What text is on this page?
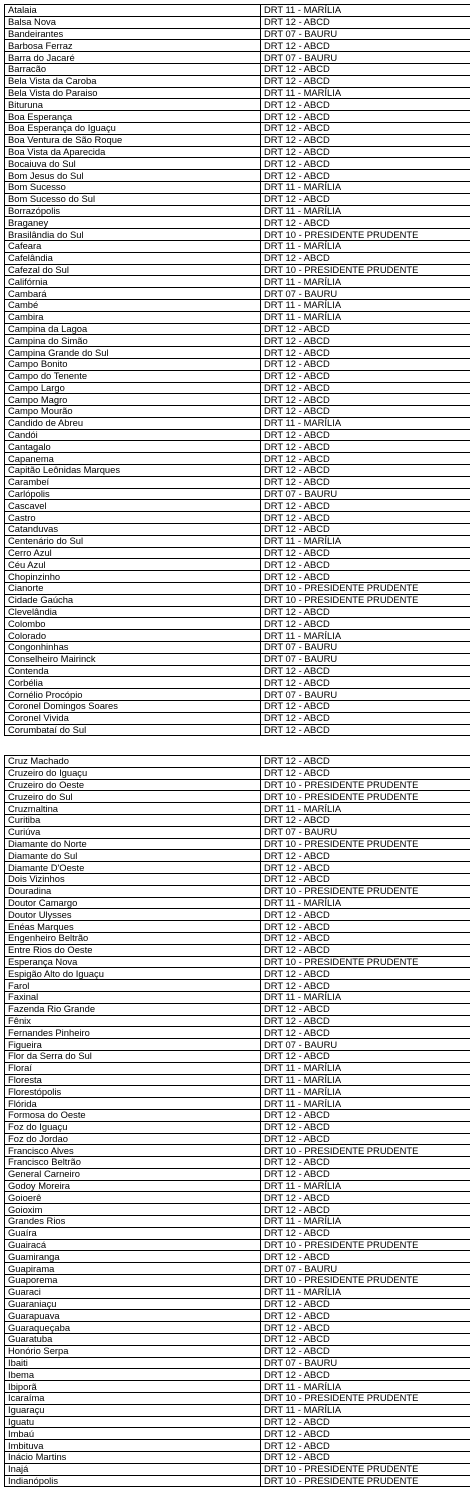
Atalaia	DRT 11 - MARÍLIA
Balsa Nova	DRT 12 - ABCD
Bandeirantes	DRT 07 - BAURU
Barbosa Ferraz	DRT 12 - ABCD
Barra do Jacaré	DRT 07 - BAURU
Barracão	DRT 12 - ABCD
Bela Vista da Caroba	DRT 12 - ABCD
Bela Vista do Paraiso	DRT 11 - MARÍLIA
Bituruna	DRT 12 - ABCD
Boa Esperança	DRT 12 - ABCD
Boa Esperança do Iguaçu	DRT 12 - ABCD
Boa Ventura de São Roque	DRT 12 - ABCD
Boa Vista da Aparecida	DRT 12 - ABCD
Bocaiuva do Sul	DRT 12 - ABCD
Bom Jesus do Sul	DRT 12 - ABCD
Bom Sucesso	DRT 11 - MARÍLIA
Bom Sucesso do Sul	DRT 12 - ABCD
Borrazópolis	DRT 11 - MARÍLIA
Braganey	DRT 12 - ABCD
Brasilândia do Sul	DRT 10 - PRESIDENTE PRUDENTE
Cafeara	DRT 11 - MARÍLIA
Cafelândia	DRT 12 - ABCD
Cafezal do Sul	DRT 10 - PRESIDENTE PRUDENTE
Califórnia	DRT 11 - MARÍLIA
Cambará	DRT 07 - BAURU
Cambé	DRT 11 - MARÍLIA
Cambira	DRT 11 - MARÍLIA
Campina da Lagoa	DRT 12 - ABCD
Campina do Simão	DRT 12 - ABCD
Campina Grande do Sul	DRT 12 - ABCD
Campo Bonito	DRT 12 - ABCD
Campo do Tenente	DRT 12 - ABCD
Campo Largo	DRT 12 - ABCD
Campo Magro	DRT 12 - ABCD
Campo Mourão	DRT 12 - ABCD
Candido de Abreu	DRT 11 - MARÍLIA
Candói	DRT 12 - ABCD
Cantagalo	DRT 12 - ABCD
Capanema	DRT 12 - ABCD
Capitão Leônidas Marques	DRT 12 - ABCD
Carambeí	DRT 12 - ABCD
Carlópolis	DRT 07 - BAURU
Cascavel	DRT 12 - ABCD
Castro	DRT 12 - ABCD
Catanduvas	DRT 12 - ABCD
Centenário do Sul	DRT 11 - MARÍLIA
Cerro Azul	DRT 12 - ABCD
Céu Azul	DRT 12 - ABCD
Chopinzinho	DRT 12 - ABCD
Cianorte	DRT 10 - PRESIDENTE PRUDENTE
Cidade Gaúcha	DRT 10 - PRESIDENTE PRUDENTE
Clevelândia	DRT 12 - ABCD
Colombo	DRT 12 - ABCD
Colorado	DRT 11 - MARÍLIA
Congonhinhas	DRT 07 - BAURU
Conselheiro Mairinck	DRT 07 - BAURU
Contenda	DRT 12 - ABCD
Corbélia	DRT 12 - ABCD
Cornélio Procópio	DRT 07 - BAURU
Coronel Domingos Soares	DRT 12 - ABCD
Coronel Vivida	DRT 12 - ABCD
Corumbataí do Sul	DRT 12 - ABCD
Cruz Machado	DRT 12 - ABCD
Cruzeiro do Iguaçu	DRT 12 - ABCD
Cruzeiro do Oeste	DRT 10 - PRESIDENTE PRUDENTE
Cruzeiro do Sul	DRT 10 - PRESIDENTE PRUDENTE
Cruzmaltina	DRT 11 - MARÍLIA
Curitiba	DRT 12 - ABCD
Curiúva	DRT 07 - BAURU
Diamante do Norte	DRT 10 - PRESIDENTE PRUDENTE
Diamante do Sul	DRT 12 - ABCD
Diamante D'Oeste	DRT 12 - ABCD
Dois Vizinhos	DRT 12 - ABCD
Douradina	DRT 10 - PRESIDENTE PRUDENTE
Doutor Camargo	DRT 11 - MARÍLIA
Doutor Ulysses	DRT 12 - ABCD
Enéas Marques	DRT 12 - ABCD
Engenheiro Beltrão	DRT 12 - ABCD
Entre Rios do Oeste	DRT 12 - ABCD
Esperança Nova	DRT 10 - PRESIDENTE PRUDENTE
Espigão Alto do Iguaçu	DRT 12 - ABCD
Farol	DRT 12 - ABCD
Faxinal	DRT 11 - MARÍLIA
Fazenda Rio Grande	DRT 12 - ABCD
Fênix	DRT 12 - ABCD
Fernandes Pinheiro	DRT 12 - ABCD
Figueira	DRT 07 - BAURU
Flor da Serra do Sul	DRT 12 - ABCD
Floraí	DRT 11 - MARÍLIA
Floresta	DRT 11 - MARÍLIA
Florestópolis	DRT 11 - MARÍLIA
Flórida	DRT 11 - MARÍLIA
Formosa do Oeste	DRT 12 - ABCD
Foz do Iguaçu	DRT 12 - ABCD
Foz do Jordao	DRT 12 - ABCD
Francisco Alves	DRT 10 - PRESIDENTE PRUDENTE
Francisco Beltrão	DRT 12 - ABCD
General Carneiro	DRT 12 - ABCD
Godoy Moreira	DRT 11 - MARÍLIA
Goioerê	DRT 12 - ABCD
Goioxim	DRT 12 - ABCD
Grandes Rios	DRT 11 - MARÍLIA
Guaíra	DRT 12 - ABCD
Guairacá	DRT 10 - PRESIDENTE PRUDENTE
Guamiranga	DRT 12 - ABCD
Guapirama	DRT 07 - BAURU
Guaporema	DRT 10 - PRESIDENTE PRUDENTE
Guaraci	DRT 11 - MARÍLIA
Guaraniaçu	DRT 12 - ABCD
Guarapuava	DRT 12 - ABCD
Guaraqueçaba	DRT 12 - ABCD
Guaratuba	DRT 12 - ABCD
Honório Serpa	DRT 12 - ABCD
Ibaiti	DRT 07 - BAURU
Ibema	DRT 12 - ABCD
Ibiporã	DRT 11 - MARÍLIA
Icaraíma	DRT 10 - PRESIDENTE PRUDENTE
Iguaraçu	DRT 11 - MARÍLIA
Iguatu	DRT 12 - ABCD
Imbaú	DRT 12 - ABCD
Imbituva	DRT 12 - ABCD
Inácio Martins	DRT 12 - ABCD
Inajá	DRT 10 - PRESIDENTE PRUDENTE
Indianópolis	DRT 10 - PRESIDENTE PRUDENTE
